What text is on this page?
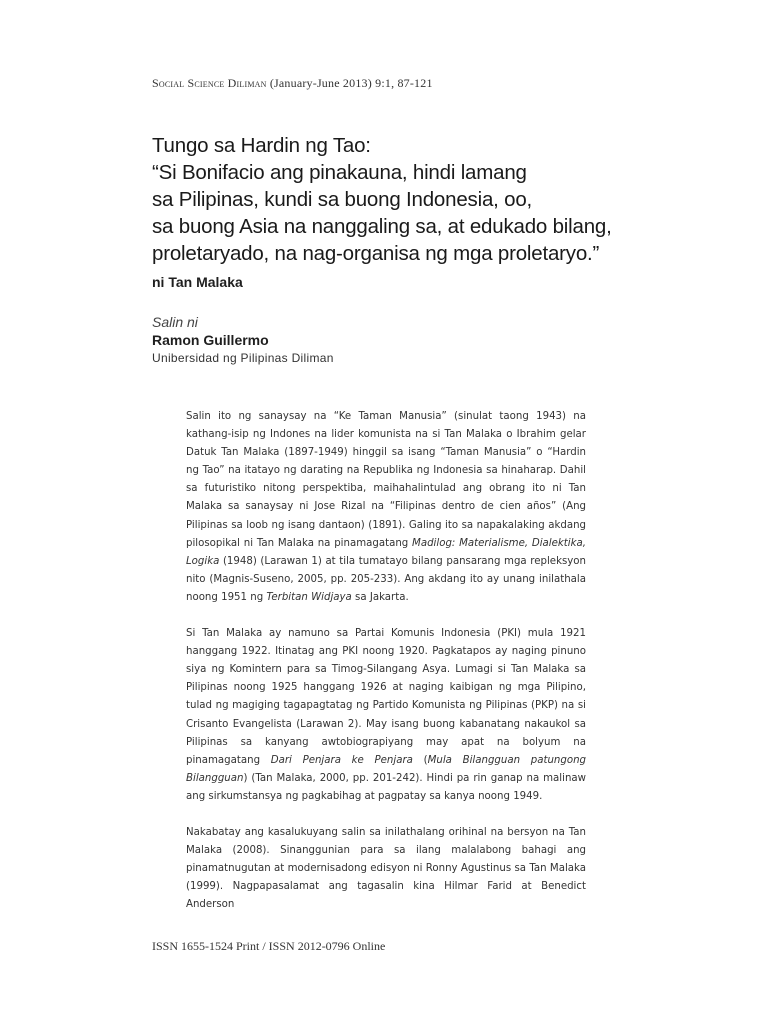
Social Science Diliman (January-June 2013) 9:1, 87-121
Tungo sa Hardin ng Tao:
“Si Bonifacio ang pinakauna, hindi lamang
sa Pilipinas, kundi sa buong Indonesia, oo,
sa buong Asia na nanggaling sa, at edukado bilang,
proletaryado, na nag-organisa ng mga proletaryo.”
ni Tan Malaka
Salin ni
Ramon Guillermo
Unibersidad ng Pilipinas Diliman

Salin ito ng sanaysay na “Ke Taman Manusia” (sinulat taong 1943) na kathang-isip ng Indones na lider komunista na si Tan Malaka o Ibrahim gelar Datuk Tan Malaka (1897-1949) hinggil sa isang “Taman Manusia” o “Hardin ng Tao” na itatayo ng darating na Republika ng Indonesia sa hinaharap. Dahil sa futuristiko nitong perspektiba, maihahalintulad ang obrang ito ni Tan Malaka sa sanaysay ni Jose Rizal na “Filipinas dentro de cien años” (Ang Pilipinas sa loob ng isang dantaon) (1891). Galing ito sa napakalaking akdang pilosopikal ni Tan Malaka na pinamagatang Madilog: Materialisme, Dialektika, Logika (1948) (Larawan 1) at tila tumatayo bilang pansarang mga repleksyon nito (Magnis-Suseno, 2005, pp. 205-233). Ang akdang ito ay unang inilathala noong 1951 ng Terbitan Widjaya sa Jakarta.

Si Tan Malaka ay namuno sa Partai Komunis Indonesia (PKI) mula 1921 hanggang 1922. Itinatag ang PKI noong 1920. Pagkatapos ay naging pinuno siya ng Komintern para sa Timog-Silangang Asya. Lumagi si Tan Malaka sa Pilipinas noong 1925 hanggang 1926 at naging kaibigan ng mga Pilipino, tulad ng magiging tagapagtatag ng Partido Komunista ng Pilipinas (PKP) na si Crisanto Evangelista (Larawan 2). May isang buong kabanatang nakaukol sa Pilipinas sa kanyang awtobiograpiyang may apat na bolyum na pinamagatang Dari Penjara ke Penjara (Mula Bilangguan patungong Bilangguan) (Tan Malaka, 2000, pp. 201-242). Hindi pa rin ganap na malinaw ang sirkumstansya ng pagkabihag at pagpatay sa kanya noong 1949.

Nakabatay ang kasalukuyang salin sa inilathalang orihinal na bersyon na Tan Malaka (2008). Sinanggunian para sa ilang malalabong bahagi ang pinamatnugutan at modernisadong edisyon ni Ronny Agustinus sa Tan Malaka (1999). Nagpapasalamat ang tagasalin kina Hilmar Farid at Benedict Anderson

ISSN 1655-1524 Print / ISSN 2012-0796 Online
